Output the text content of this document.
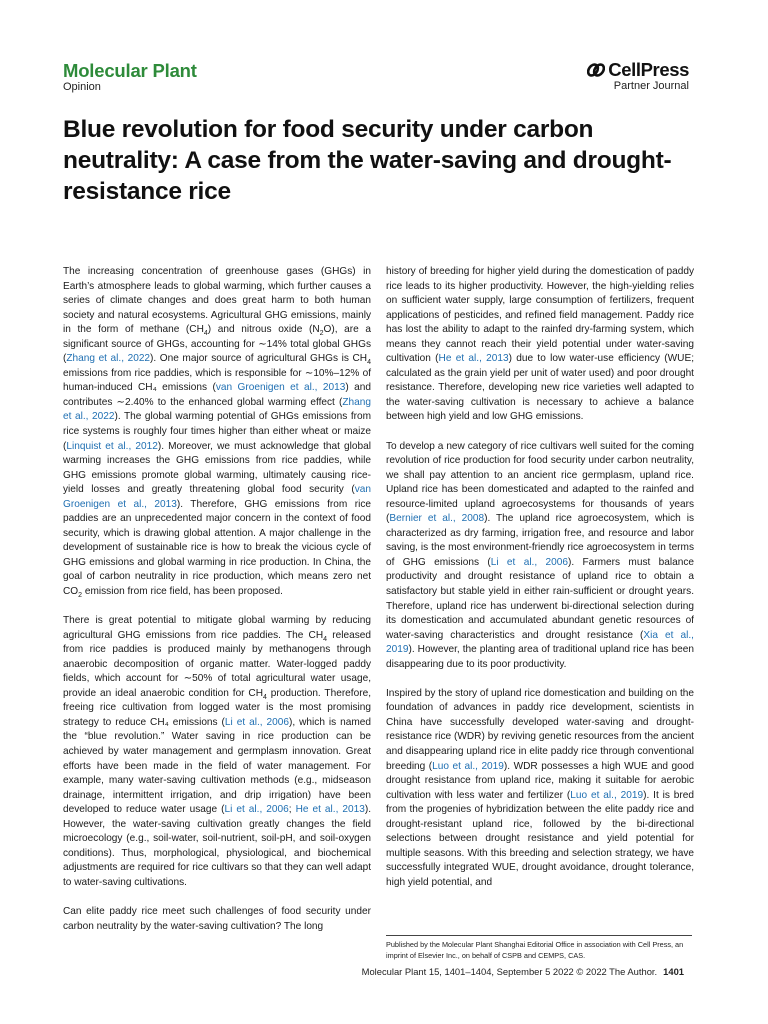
Molecular Plant
Opinion
CellPress
Partner Journal
Blue revolution for food security under carbon neutrality: A case from the water-saving and drought-resistance rice

The increasing concentration of greenhouse gases (GHGs) in Earth’s atmosphere leads to global warming, which further causes a series of climate changes and does great harm to both human society and natural ecosystems. Agricultural GHG emissions, mainly in the form of methane $(CH_4)$ and nitrous oxide $(N_2O)$, are a significant source of GHGs, accounting for ∼14% total global GHGs (Zhang et al., 2022). One major source of agricultural GHGs is $CH_4$ emissions from rice paddies, which is responsible for ∼10%–12% of human-induced CH₄ emissions (van Groenigen et al., 2013) and contributes ∼2.40% to the enhanced global warming effect (Zhang et al., 2022). The global warming potential of GHGs emissions from rice systems is roughly four times higher than either wheat or maize (Linquist et al., 2012). Moreover, we must acknowledge that global warming increases the GHG emissions from rice paddies, while GHG emissions promote global warming, ultimately causing rice-yield losses and greatly threatening global food security (van Groenigen et al., 2013). Therefore, GHG emissions from rice paddies are an unprecedented major concern in the context of food security, which is drawing global attention. A major challenge in the development of sustainable rice is how to break the vicious cycle of GHG emissions and global warming in rice production. In China, the goal of carbon neutrality in rice production, which means zero net $CO_2$ emission from rice field, has been proposed.

There is great potential to mitigate global warming by reducing agricultural GHG emissions from rice paddies. The $CH_4$ released from rice paddies is produced mainly by methanogens through anaerobic decomposition of organic matter. Water-logged paddy fields, which account for ∼50% of total agricultural water usage, provide an ideal anaerobic condition for $CH_4$ production. Therefore, freeing rice cultivation from logged water is the most promising strategy to reduce CH₄ emissions (Li et al., 2006), which is named the “blue revolution.” Water saving in rice production can be achieved by water management and germplasm innovation. Great efforts have been made in the field of water management. For example, many water-saving cultivation methods (e.g., midseason drainage, intermittent irrigation, and drip irrigation) have been developed to reduce water usage (Li et al., 2006; He et al., 2013). However, the water-saving cultivation greatly changes the field microecology (e.g., soil-water, soil-nutrient, soil-pH, and soil-oxygen conditions). Thus, morphological, physiological, and biochemical adjustments are required for rice cultivars so that they can well adapt to water-saving cultivations.

Can elite paddy rice meet such challenges of food security under carbon neutrality by the water-saving cultivation? The long

history of breeding for higher yield during the domestication of paddy rice leads to its higher productivity. However, the high-yielding relies on sufficient water supply, large consumption of fertilizers, frequent applications of pesticides, and refined field management. Paddy rice has lost the ability to adapt to the rainfed dry-farming system, which means they cannot reach their yield potential under water-saving cultivation (He et al., 2013) due to low water-use efficiency (WUE; calculated as the grain yield per unit of water used) and poor drought resistance. Therefore, developing new rice varieties well adapted to the water-saving cultivation is necessary to achieve a balance between high yield and low GHG emissions.

To develop a new category of rice cultivars well suited for the coming revolution of rice production for food security under carbon neutrality, we shall pay attention to an ancient rice germplasm, upland rice. Upland rice has been domesticated and adapted to the rainfed and resource-limited upland agroecosystems for thousands of years (Bernier et al., 2008). The upland rice agroecosystem, which is characterized as dry farming, irrigation free, and resource and labor saving, is the most environment-friendly rice agroecosystem in terms of GHG emissions (Li et al., 2006). Farmers must balance productivity and drought resistance of upland rice to obtain a satisfactory but stable yield in either rain-sufficient or drought years. Therefore, upland rice has underwent bi-directional selection during its domestication and accumulated abundant genetic resources of water-saving characteristics and drought resistance (Xia et al., 2019). However, the planting area of traditional upland rice has been disappearing due to its poor productivity.

Inspired by the story of upland rice domestication and building on the foundation of advances in paddy rice development, scientists in China have successfully developed water-saving and drought-resistance rice (WDR) by reviving genetic resources from the ancient and disappearing upland rice in elite paddy rice through conventional breeding (Luo et al., 2019). WDR possesses a high WUE and good drought resistance from upland rice, making it suitable for aerobic cultivation with less water and fertilizer (Luo et al., 2019). It is bred from the progenies of hybridization between the elite paddy rice and drought-resistant upland rice, followed by the bi-directional selections between drought resistance and yield potential for multiple seasons. With this breeding and selection strategy, we have successfully integrated WUE, drought avoidance, drought tolerance, high yield potential, and

Published by the Molecular Plant Shanghai Editorial Office in association with Cell Press, an imprint of Elsevier Inc., on behalf of CSPB and CEMPS, CAS.
Molecular Plant 15, 1401–1404, September 5 2022 © 2022 The Author. 1401
